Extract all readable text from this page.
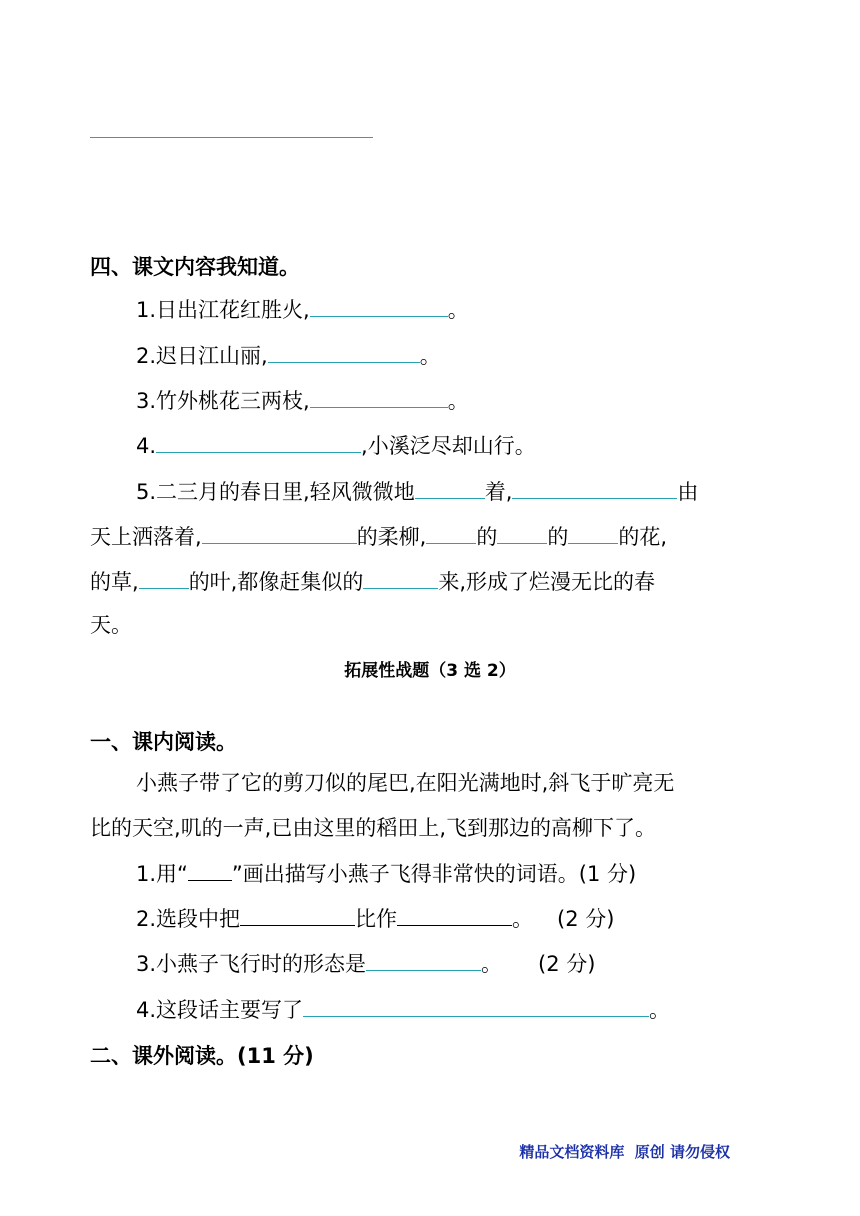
四、课文内容我知道。
1.日出江花红胜火,	。
2.迟日江山丽,	。
3.竹外桃花三两枝,	。
4.	,小溪泛尽却山行。
5.二三月的春日里,轻风微微地	着,	由
天上洒落着,	的柔柳, 的 的 的花,
的草, 的叶,都像赶集似的	来,形成了烂漫无比的春
天。
拓展性战题（3 选 2）
一、课内阅读。
小燕子带了它的剪刀似的尾巴,在阳光满地时,斜飞于旷亮无
比的天空,叽的一声,已由这里的稻田上,飞到那边的高柳下了。
1.用“ ”画出描写小燕子飞得非常快的词语。(1 分)
2.选段中把	比作	。 (2 分)
3.小燕子飞行时的形态是	。 (2 分)
4.这段话主要写了	。
二、课外阅读。(11 分)
精品文档资料库  原创 请勿侵权
